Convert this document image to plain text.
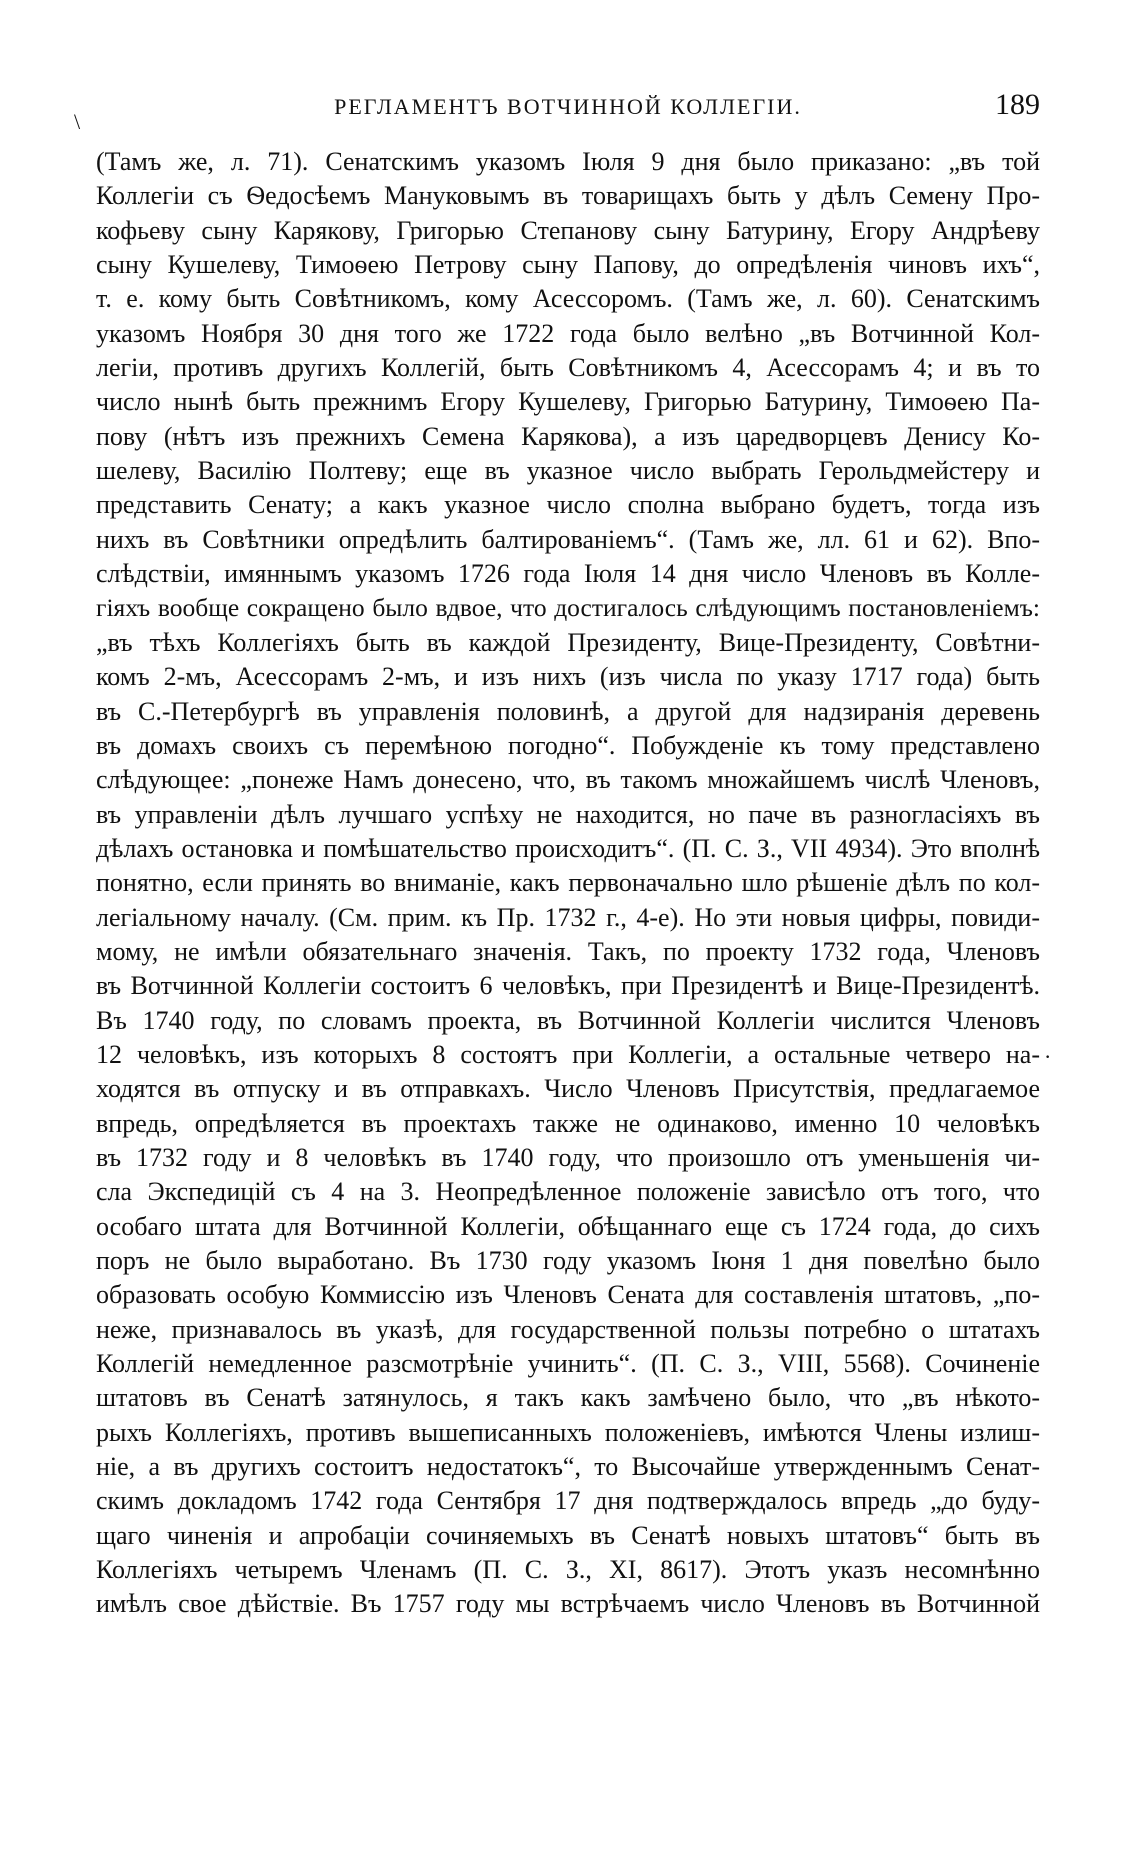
\
РЕГЛАМЕНТЪ ВОТЧИННОЙ КОЛЛЕГІИ.	189
(Тамъ же, л. 71). Сенатскимъ указомъ Іюля 9 дня было приказано: „въ той
Коллегіи съ Ѳедосѣемъ Мануковымъ въ товарищахъ быть у дѣлъ Семену Про-
кофьеву сыну Карякову, Григорью Степанову сыну Батурину, Егору Андрѣеву
сыну Кушелеву, Тимоѳею Петрову сыну Папову, до опредѣленія чиновъ ихъ“,
т. е. кому быть Совѣтникомъ, кому Асессоромъ. (Тамъ же, л. 60). Сенатскимъ
указомъ Ноября 30 дня того же 1722 года было велѣно „въ Вотчинной Кол-
легіи, противъ другихъ Коллегій, быть Совѣтникомъ 4, Асессорамъ 4; и въ то
число нынѣ быть прежнимъ Егору Кушелеву, Григорью Батурину, Тимоѳею Па-
пову (нѣтъ изъ прежнихъ Семена Карякова), а изъ царедворцевъ Денису Ко-
шелеву, Василію Полтеву; еще въ указное число выбрать Герольдмейстеру и
представить Сенату; а какъ указное число сполна выбрано будетъ, тогда изъ
нихъ въ Совѣтники опредѣлить балтированіемъ“. (Тамъ же, лл. 61 и 62). Впо-
слѣдствіи, имяннымъ указомъ 1726 года Іюля 14 дня число Членовъ въ Колле-
гіяхъ вообще сокращено было вдвое, что достигалось слѣдующимъ постановленіемъ:
„въ тѣхъ Коллегіяхъ быть въ каждой Президенту, Вице-Президенту, Совѣтни-
комъ 2-мъ, Асессорамъ 2-мъ, и изъ нихъ (изъ числа по указу 1717 года) быть
въ С.-Петербургѣ въ управленія половинѣ, а другой для надзиранія деревень
въ домахъ своихъ съ перемѣною погодно“. Побужденіе къ тому представлено
слѣдующее: „понеже Намъ донесено, что, въ такомъ множайшемъ числѣ Членовъ,
въ управленіи дѣлъ лучшаго успѣху не находится, но паче въ разногласіяхъ въ
дѣлахъ остановка и помѣшательство происходитъ“. (П. С. З., VII 4934). Это вполнѣ
понятно, если принять во вниманіе, какъ первоначально шло рѣшеніе дѣлъ по кол-
легіальному началу. (См. прим. къ Пр. 1732 г., 4-е). Но эти новыя цифры, повиди-
мому, не имѣли обязательнаго значенія. Такъ, по проекту 1732 года, Членовъ
въ Вотчинной Коллегіи состоитъ 6 человѣкъ, при Президентѣ и Вице-Президентѣ.
Въ 1740 году, по словамъ проекта, въ Вотчинной Коллегіи числится Членовъ
12 человѣкъ, изъ которыхъ 8 состоятъ при Коллегіи, а остальные четверо на-
ходятся въ отпуску и въ отправкахъ. Число Членовъ Присутствія, предлагаемое
впредь, опредѣляется въ проектахъ также не одинаково, именно 10 человѣкъ
въ 1732 году и 8 человѣкъ въ 1740 году, что произошло отъ уменьшенія чи-
сла Экспедицій съ 4 на 3. Неопредѣленное положеніе зависѣло отъ того, что
особаго штата для Вотчинной Коллегіи, обѣщаннаго еще съ 1724 года, до сихъ
поръ не было выработано. Въ 1730 году указомъ Іюня 1 дня повелѣно было
образовать особую Коммиссію изъ Членовъ Сената для составленія штатовъ, „по-
неже, признавалось въ указѣ, для государственной пользы потребно о штатахъ
Коллегій немедленное разсмотрѣніе учинить“. (П. С. З., VIII, 5568). Сочиненіе
штатовъ въ Сенатѣ затянулось, я такъ какъ замѣчено было, что „въ нѣкото-
рыхъ Коллегіяхъ, противъ вышеписанныхъ положеніевъ, имѣются Члены излиш-
ніе, а въ другихъ состоитъ недостатокъ“, то Высочайше утвержденнымъ Сенат-
скимъ докладомъ 1742 года Сентября 17 дня подтверждалось впредь „до буду-
щаго чиненія и апробаціи сочиняемыхъ въ Сенатѣ новыхъ штатовъ“ быть въ
Коллегіяхъ четыремъ Членамъ (П. С. З., XI, 8617). Этотъ указъ несомнѣнно
имѣлъ свое дѣйствіе. Въ 1757 году мы встрѣчаемъ число Членовъ въ Вотчинной
·
